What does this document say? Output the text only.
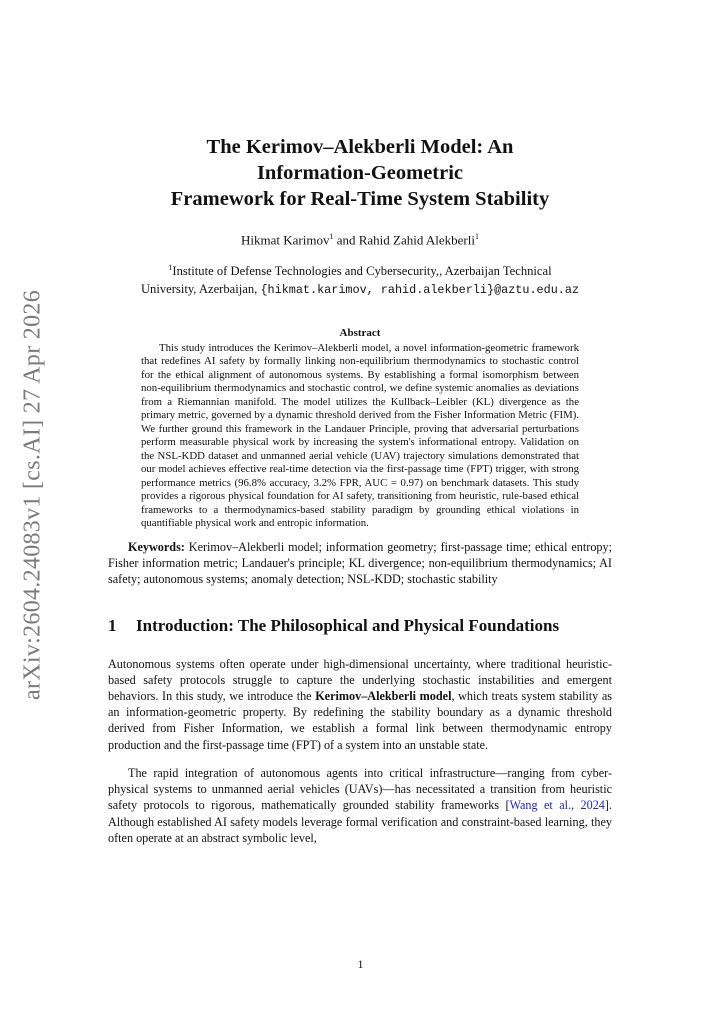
arXiv:2604.24083v1 [cs.AI] 27 Apr 2026
The Kerimov–Alekberli Model: An
Information-Geometric
Framework for Real-Time System Stability
Hikmat Karimov$^1$ and Rahid Zahid Alekberli$^1$
$^1$Institute of Defense Technologies and Cybersecurity,, Azerbaijan Technical
University, Azerbaijan, {hikmat.karimov, rahid.alekberli}@aztu.edu.az
Abstract
This study introduces the Kerimov–Alekberli model, a novel information-geometric framework that redefines AI safety by formally linking non-equilibrium thermodynamics to stochastic control for the ethical alignment of autonomous systems. By establishing a formal isomorphism between non-equilibrium thermodynamics and stochastic control, we define systemic anomalies as deviations from a Riemannian manifold. The model utilizes the Kullback–Leibler (KL) divergence as the primary metric, governed by a dynamic threshold derived from the Fisher Information Metric (FIM). We further ground this framework in the Landauer Principle, proving that adversarial perturbations perform measurable physical work by increasing the system's informational entropy. Validation on the NSL-KDD dataset and unmanned aerial vehicle (UAV) trajectory simulations demonstrated that our model achieves effective real-time detection via the first-passage time (FPT) trigger, with strong performance metrics (96.8% accuracy, 3.2% FPR, AUC = 0.97) on benchmark datasets. This study provides a rigorous physical foundation for AI safety, transitioning from heuristic, rule-based ethical frameworks to a thermodynamics-based stability paradigm by grounding ethical violations in quantifiable physical work and entropic information.
Keywords: Kerimov–Alekberli model; information geometry; first-passage time; ethical entropy; Fisher information metric; Landauer's principle; KL divergence; non-equilibrium thermodynamics; AI safety; autonomous systems; anomaly detection; NSL-KDD; stochastic stability
1	Introduction: The Philosophical and Physical Foundations

Autonomous systems often operate under high-dimensional uncertainty, where traditional heuristic-based safety protocols struggle to capture the underlying stochastic instabilities and emergent behaviors. In this study, we introduce the Kerimov–Alekberli model, which treats system stability as an information-geometric property. By redefining the stability boundary as a dynamic threshold derived from Fisher Information, we establish a formal link between thermodynamic entropy production and the first-passage time (FPT) of a system into an unstable state.

The rapid integration of autonomous agents into critical infrastructure—ranging from cyber-physical systems to unmanned aerial vehicles (UAVs)—has necessitated a transition from heuristic safety protocols to rigorous, mathematically grounded stability frameworks [Wang et al., 2024]. Although established AI safety models leverage formal verification and constraint-based learning, they often operate at an abstract symbolic level,

1
